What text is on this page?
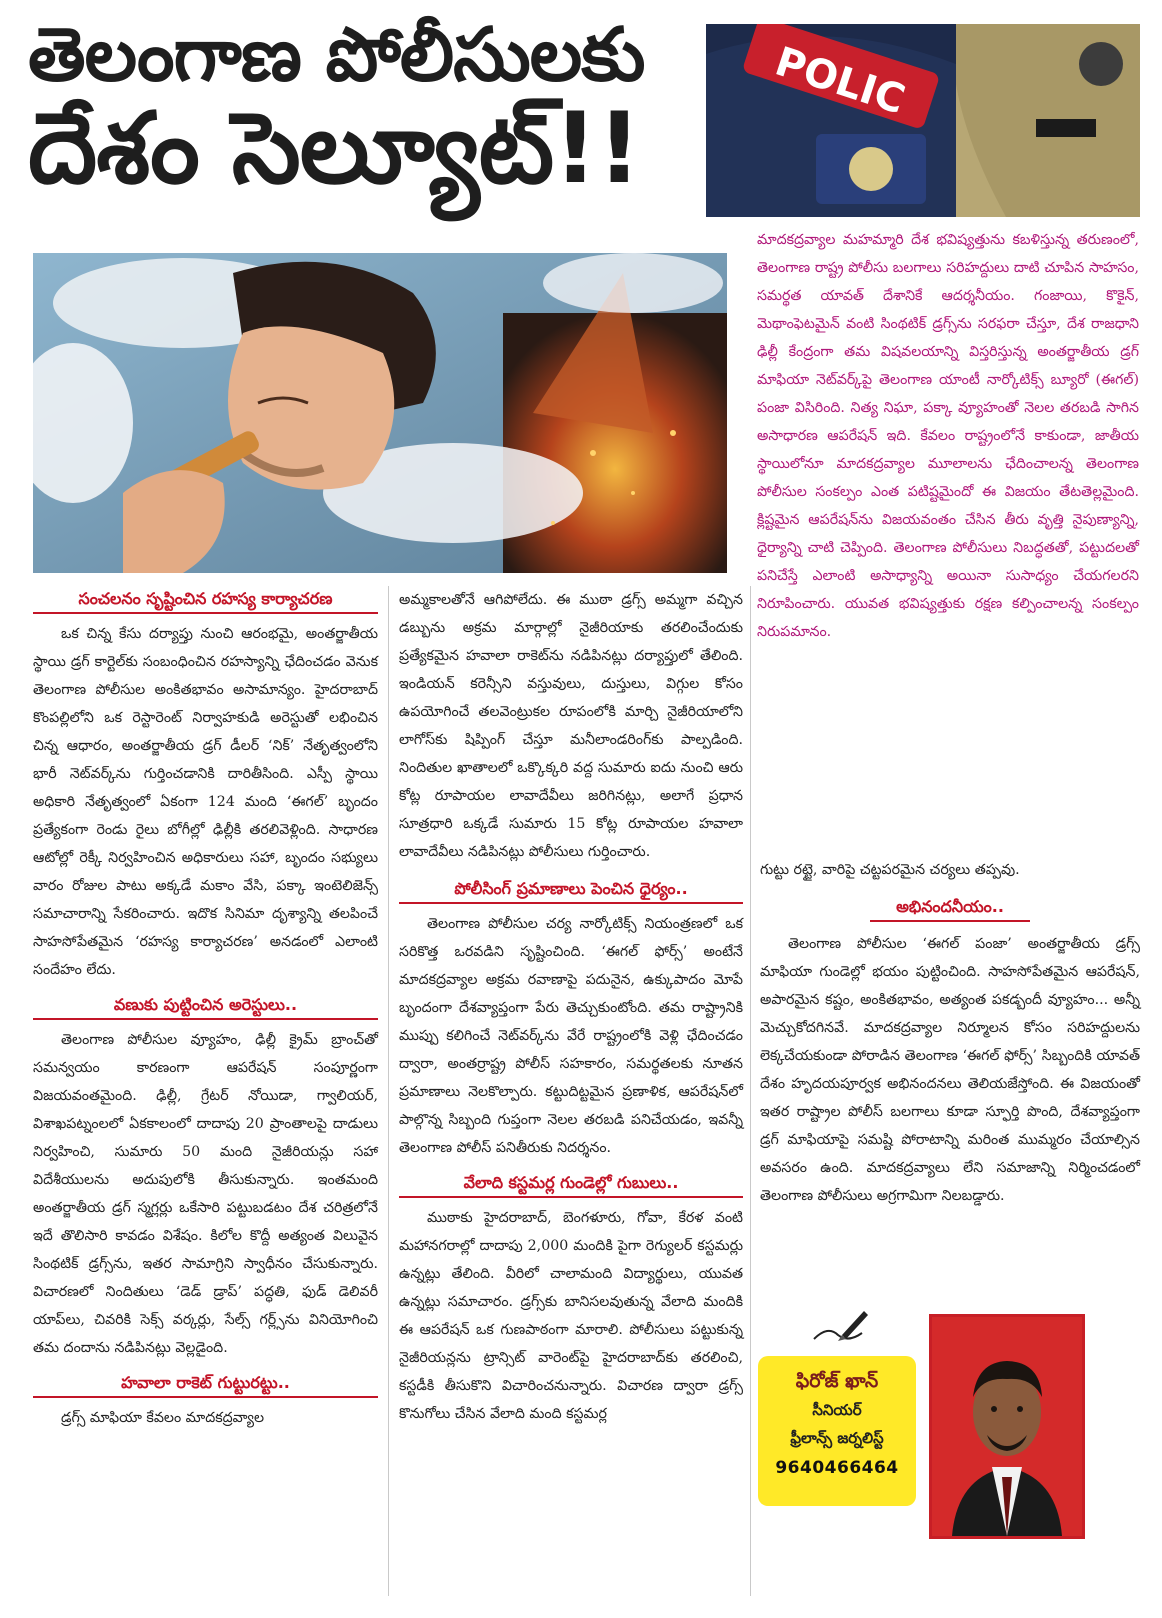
తెలంగాణ పోలీసులకు
దేశం సెల్యూట్!!
POLIC

మాదకద్రవ్యాల మహమ్మారి దేశ భవిష్యత్తును కబళిస్తున్న తరుణంలో, తెలంగాణ రాష్ట్ర పోలీసు బలగాలు సరిహద్దులు దాటి చూపిన సాహసం, సమర్థత యావత్ దేశానికే ఆదర్శనీయం. గంజాయి, కొకైన్, మెథాంఫెటమైన్ వంటి సింథటిక్ డ్రగ్స్‌ను సరఫరా చేస్తూ, దేశ రాజధాని ఢిల్లీ కేంద్రంగా తమ విషవలయాన్ని విస్తరిస్తున్న అంతర్జాతీయ డ్రగ్ మాఫియా నెట్‌వర్క్‌పై తెలంగాణ యాంటీ నార్కోటిక్స్ బ్యూరో (ఈగల్) పంజా విసిరింది. నిత్య నిఘా, పక్కా వ్యూహంతో నెలల తరబడి సాగిన అసాధారణ ఆపరేషన్ ఇది. కేవలం రాష్ట్రంలోనే కాకుండా, జాతీయ స్థాయిలోనూ మాదకద్రవ్యాల మూలాలను ఛేదించాలన్న తెలంగాణ పోలీసుల సంకల్పం ఎంత పటిష్టమైందో ఈ విజయం తేటతెల్లమైంది. క్లిష్టమైన ఆపరేషన్‌ను విజయవంతం చేసిన తీరు వృత్తి నైపుణ్యాన్ని, ధైర్యాన్ని చాటి చెప్పింది. తెలంగాణ పోలీసులు నిబద్ధతతో, పట్టుదలతో పనిచేస్తే ఎలాంటి అసాధ్యాన్ని అయినా సుసాధ్యం చేయగలరని నిరూపించారు. యువత భవిష్యత్తుకు రక్షణ కల్పించాలన్న సంకల్పం నిరుపమానం.

సంచలనం సృష్టించిన రహస్య కార్యాచరణ

ఒక చిన్న కేసు దర్యాప్తు నుంచి ఆరంభమై, అంతర్జాతీయ స్థాయి డ్రగ్ కార్టెల్‌కు సంబంధించిన రహస్యాన్ని ఛేదించడం వెనుక తెలంగాణ పోలీసుల అంకితభావం అసామాన్యం. హైదరాబాద్ కొంపల్లిలోని ఒక రెస్టారెంట్ నిర్వాహకుడి అరెస్టుతో లభించిన చిన్న ఆధారం, అంతర్జాతీయ డ్రగ్ డీలర్ ‘నిక్’ నేతృత్వంలోని భారీ నెట్‌వర్క్‌ను గుర్తించడానికి దారితీసింది. ఎస్పీ స్థాయి అధికారి నేతృత్వంలో ఏకంగా 124 మంది ‘ఈగల్’ బృందం ప్రత్యేకంగా రెండు రైలు బోగీల్లో ఢిల్లీకి తరలివెళ్లింది. సాధారణ ఆటోల్లో రెక్కీ నిర్వహించిన అధికారులు సహా, బృందం సభ్యులు వారం రోజుల పాటు అక్కడే మకాం వేసి, పక్కా ఇంటెలిజెన్స్ సమాచారాన్ని సేకరించారు. ఇదొక సినిమా దృశ్యాన్ని తలపించే సాహసోపేతమైన ‘రహస్య కార్యాచరణ’ అనడంలో ఎలాంటి సందేహం లేదు.

వణుకు పుట్టించిన అరెస్టులు..

తెలంగాణ పోలీసుల వ్యూహం, ఢిల్లీ క్రైమ్ బ్రాంచ్‌తో సమన్వయం కారణంగా ఆపరేషన్ సంపూర్ణంగా విజయవంతమైంది. ఢిల్లీ, గ్రేటర్ నోయిడా, గ్వాలియర్, విశాఖపట్నంలలో ఏకకాలంలో దాదాపు 20 ప్రాంతాలపై దాడులు నిర్వహించి, సుమారు 50 మంది నైజీరియన్లు సహా విదేశీయులను అదుపులోకి తీసుకున్నారు. ఇంతమంది అంతర్జాతీయ డ్రగ్ స్మగ్లర్లు ఒకేసారి పట్టుబడటం దేశ చరిత్రలోనే ఇదే తొలిసారి కావడం విశేషం. కిలోల కొద్దీ అత్యంత విలువైన సింథటిక్ డ్రగ్స్‌ను, ఇతర సామాగ్రిని స్వాధీనం చేసుకున్నారు. విచారణలో నిందితులు ‘డెడ్ డ్రాప్’ పద్ధతి, ఫుడ్ డెలివరీ యాప్‌లు, చివరికి సెక్స్ వర్కర్లు, సేల్స్ గర్ల్స్‌ను వినియోగించి తమ దందాను నడిపినట్లు వెల్లడైంది.

హవాలా రాకెట్ గుట్టురట్టు..

డ్రగ్స్ మాఫియా కేవలం మాదకద్రవ్యాల

అమ్మకాలతోనే ఆగిపోలేదు. ఈ ముఠా డ్రగ్స్ అమ్మగా వచ్చిన డబ్బును అక్రమ మార్గాల్లో నైజీరియాకు తరలించేందుకు ప్రత్యేకమైన హవాలా రాకెట్‌ను నడిపినట్లు దర్యాప్తులో తేలింది. ఇండియన్ కరెన్సీని వస్తువులు, దుస్తులు, విగ్గుల కోసం ఉపయోగించే తలవెంట్రుకల రూపంలోకి మార్చి నైజీరియాలోని లాగోస్‌కు షిప్పింగ్ చేస్తూ మనీలాండరింగ్‌కు పాల్పడింది. నిందితుల ఖాతాలలో ఒక్కొక్కరి వద్ద సుమారు ఐదు నుంచి ఆరు కోట్ల రూపాయల లావాదేవీలు జరిగినట్లు, అలాగే ప్రధాన సూత్రధారి ఒక్కడే సుమారు 15 కోట్ల రూపాయల హవాలా లావాదేవీలు నడిపినట్లు పోలీసులు గుర్తించారు.

పోలీసింగ్ ప్రమాణాలు పెంచిన ధైర్యం..

తెలంగాణ పోలీసుల చర్య నార్కోటిక్స్ నియంత్రణలో ఒక సరికొత్త ఒరవడిని సృష్టించింది. ‘ఈగల్ ఫోర్స్’ అంటేనే మాదకద్రవ్యాల అక్రమ రవాణాపై పదునైన, ఉక్కుపాదం మోపే బృందంగా దేశవ్యాప్తంగా పేరు తెచ్చుకుంటోంది. తమ రాష్ట్రానికి ముప్పు కలిగించే నెట్‌వర్క్‌ను వేరే రాష్ట్రంలోకి వెళ్లి ఛేదించడం ద్వారా, అంతర్రాష్ట్ర పోలీస్ సహకారం, సమర్థతలకు నూతన ప్రమాణాలు నెలకొల్పారు. కట్టుదిట్టమైన ప్రణాళిక, ఆపరేషన్‌లో పాల్గొన్న సిబ్బంది గుప్తంగా నెలల తరబడి పనిచేయడం, ఇవన్నీ తెలంగాణ పోలీస్ పనితీరుకు నిదర్శనం.

వేలాది కస్టమర్ల గుండెల్లో గుబులు..

ముఠాకు హైదరాబాద్, బెంగళూరు, గోవా, కేరళ వంటి మహానగరాల్లో దాదాపు 2,000 మందికి పైగా రెగ్యులర్ కస్టమర్లు ఉన్నట్లు తేలింది. వీరిలో చాలామంది విద్యార్థులు, యువత ఉన్నట్లు సమాచారం. డ్రగ్స్‌కు బానిసలవుతున్న వేలాది మందికి ఈ ఆపరేషన్ ఒక గుణపాఠంగా మారాలి. పోలీసులు పట్టుకున్న నైజీరియన్లను ట్రాన్సిట్ వారెంట్‌పై హైదరాబాద్‌కు తరలించి, కస్టడీకి తీసుకొని విచారించనున్నారు. విచారణ ద్వారా డ్రగ్స్ కొనుగోలు చేసిన వేలాది మంది కస్టమర్ల

గుట్టు రట్టై, వారిపై చట్టపరమైన చర్యలు తప్పవు.

అభినందనీయం..

తెలంగాణ పోలీసుల ‘ఈగల్ పంజా’ అంతర్జాతీయ డ్రగ్స్ మాఫియా గుండెల్లో భయం పుట్టించింది. సాహసోపేతమైన ఆపరేషన్, అపారమైన కష్టం, అంకితభావం, అత్యంత పకడ్బందీ వ్యూహం... అన్నీ మెచ్చుకోదగినవే. మాదకద్రవ్యాల నిర్మూలన కోసం సరిహద్దులను లెక్కచేయకుండా పోరాడిన తెలంగాణ ‘ఈగల్ ఫోర్స్’ సిబ్బందికి యావత్ దేశం హృదయపూర్వక అభినందనలు తెలియజేస్తోంది. ఈ విజయంతో ఇతర రాష్ట్రాల పోలీస్ బలగాలు కూడా స్ఫూర్తి పొంది, దేశవ్యాప్తంగా డ్రగ్ మాఫియాపై సమష్టి పోరాటాన్ని మరింత ముమ్మరం చేయాల్సిన అవసరం ఉంది. మాదకద్రవ్యాలు లేని సమాజాన్ని నిర్మించడంలో తెలంగాణ పోలీసులు అగ్రగామిగా నిలబడ్డారు.

ఫిరోజ్ ఖాన్
సీనియర్
ఫ్రీలాన్స్ జర్నలిస్ట్
9640466464
